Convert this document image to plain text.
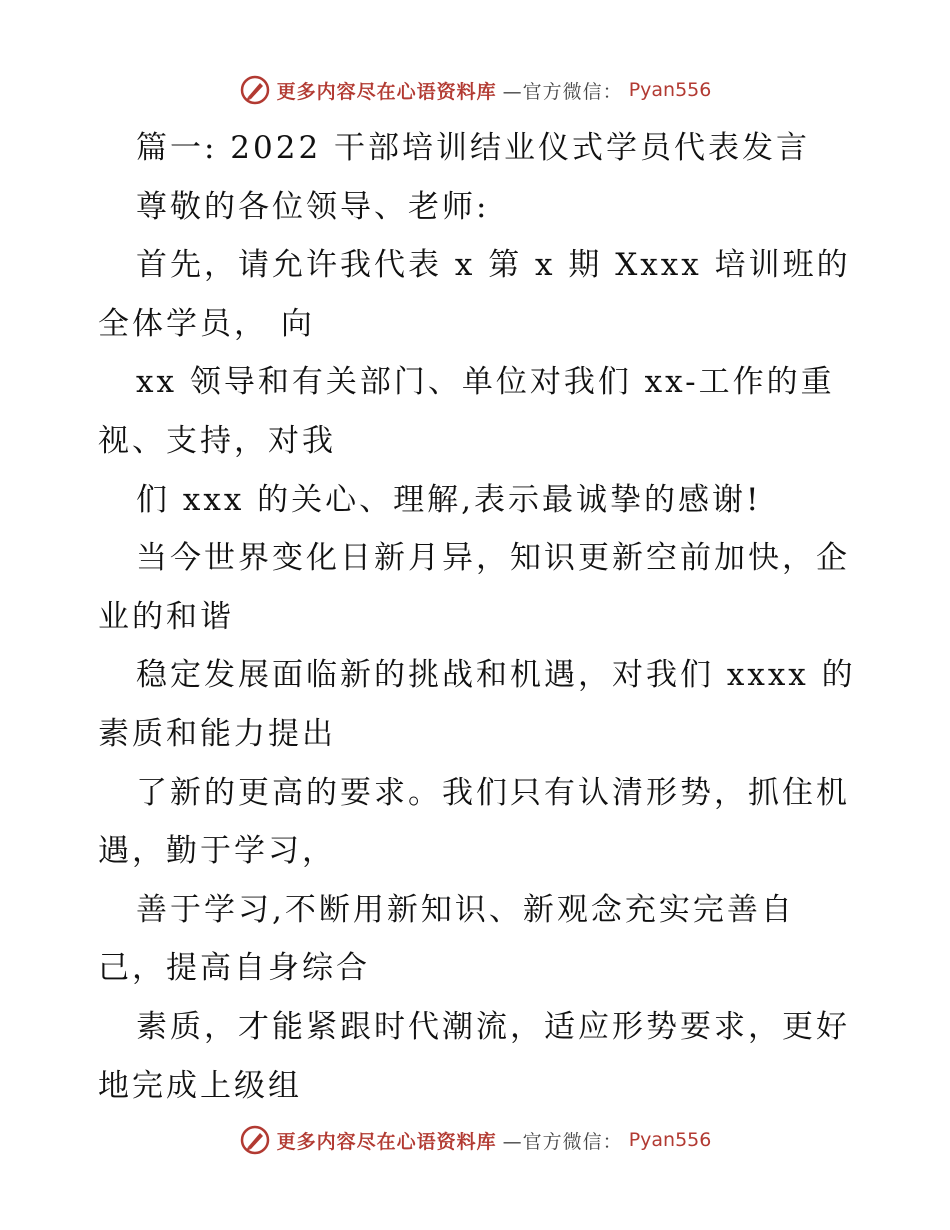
更多内容尽在心语资料库 —官方微信： Pyan556
篇一: 2022 干部培训结业仪式学员代表发言
尊敬的各位领导、老师:
首先，请允许我代表 x 第 x 期 Xxxx 培训班的
全体学员， 向
xx 领导和有关部门、单位对我们 xx-工作的重
视、支持，对我
们 xxx 的关心、理解,表示最诚挚的感谢!
当今世界变化日新月异，知识更新空前加快，企
业的和谐
稳定发展面临新的挑战和机遇，对我们 xxxx 的
素质和能力提出
了新的更高的要求。我们只有认清形势，抓住机
遇，勤于学习，
善于学习,不断用新知识、新观念充实完善自
己，提高自身综合
素质，才能紧跟时代潮流，适应形势要求，更好
地完成上级组
更多内容尽在心语资料库 —官方微信： Pyan556
